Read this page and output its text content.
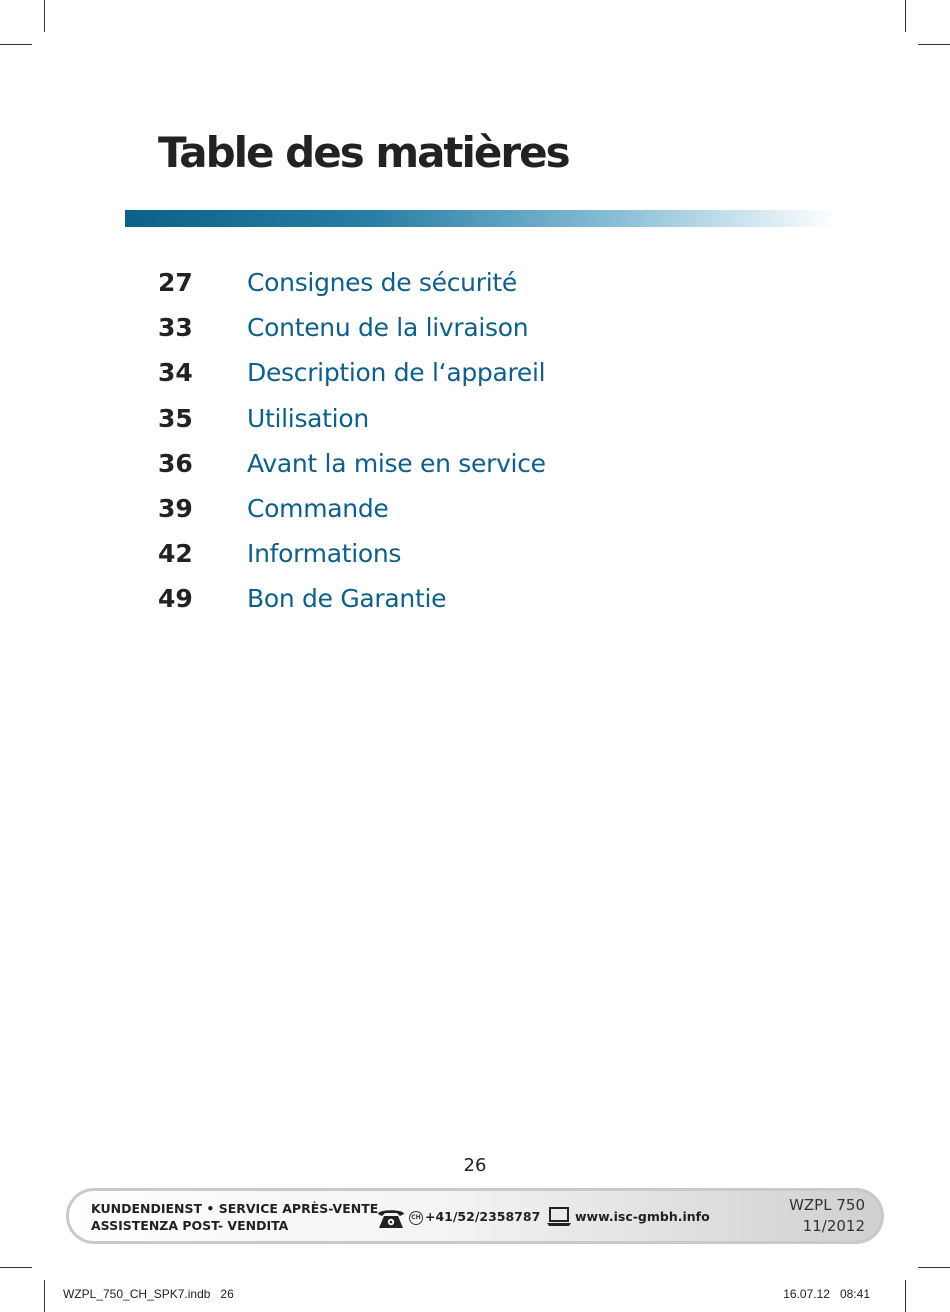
Table des matières
27	Consignes de sécurité
33	Contenu de la livraison
34	Description de l‘appareil
35	Utilisation
36	Avant la mise en service
39	Commande
42	Informations
49	Bon de Garantie
26
KUNDENDIENST • SERVICE APRÈS-VENTE
ASSISTENZA POST- VENDITA
CH +41/52/2358787	www.isc-gmbh.info
WZPL 750
11/2012
WZPL_750_CH_SPK7.indb   26	16.07.12   08:41
